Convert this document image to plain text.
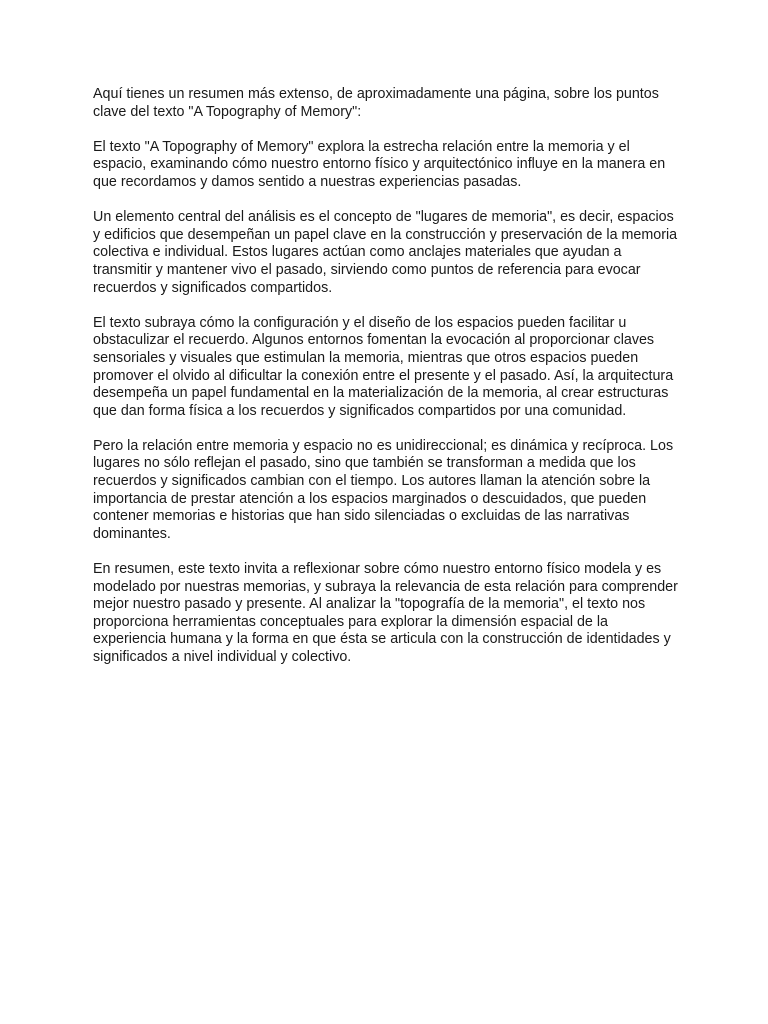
Aquí tienes un resumen más extenso, de aproximadamente una página, sobre los puntos clave del texto "A Topography of Memory":

El texto "A Topography of Memory" explora la estrecha relación entre la memoria y el espacio, examinando cómo nuestro entorno físico y arquitectónico influye en la manera en que recordamos y damos sentido a nuestras experiencias pasadas.

Un elemento central del análisis es el concepto de "lugares de memoria", es decir, espacios y edificios que desempeñan un papel clave en la construcción y preservación de la memoria colectiva e individual. Estos lugares actúan como anclajes materiales que ayudan a transmitir y mantener vivo el pasado, sirviendo como puntos de referencia para evocar recuerdos y significados compartidos.

El texto subraya cómo la configuración y el diseño de los espacios pueden facilitar u obstaculizar el recuerdo. Algunos entornos fomentan la evocación al proporcionar claves sensoriales y visuales que estimulan la memoria, mientras que otros espacios pueden promover el olvido al dificultar la conexión entre el presente y el pasado. Así, la arquitectura desempeña un papel fundamental en la materialización de la memoria, al crear estructuras que dan forma física a los recuerdos y significados compartidos por una comunidad.

Pero la relación entre memoria y espacio no es unidireccional; es dinámica y recíproca. Los lugares no sólo reflejan el pasado, sino que también se transforman a medida que los recuerdos y significados cambian con el tiempo. Los autores llaman la atención sobre la importancia de prestar atención a los espacios marginados o descuidados, que pueden contener memorias e historias que han sido silenciadas o excluidas de las narrativas dominantes.

En resumen, este texto invita a reflexionar sobre cómo nuestro entorno físico modela y es modelado por nuestras memorias, y subraya la relevancia de esta relación para comprender mejor nuestro pasado y presente. Al analizar la "topografía de la memoria", el texto nos proporciona herramientas conceptuales para explorar la dimensión espacial de la experiencia humana y la forma en que ésta se articula con la construcción de identidades y significados a nivel individual y colectivo.
